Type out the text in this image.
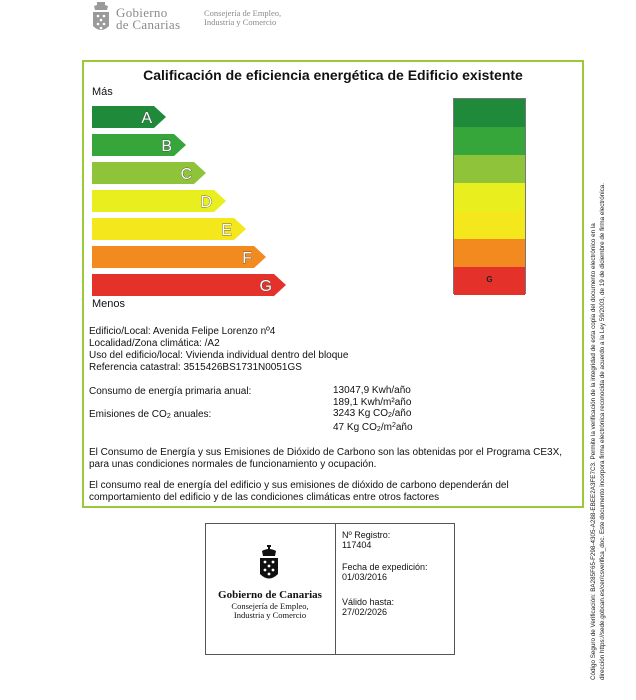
Gobierno
de Canarias
Consejería de Empleo,
Industria y Comercio
Calificación de eficiencia energética de Edificio existente
Más
Menos
A
B
C
D
E
F
G	G
Edificio/Local: Avenida Felipe Lorenzo nº4
Localidad/Zona climática: /A2
Uso del edificio/local: Vivienda individual dentro del bloque
Referencia catastral: 3515426BS1731N0051GS
Consumo de energía primaria anual:	13047,9 Kwh/año
189,1 Kwh/m²año
Emisiones de $CO_2$ anuales:	3243 Kg $CO_2$/año
47 Kg $CO_2/m^2año$
El Consumo de Energía y sus Emisiones de Dióxido de Carbono son las obtenidas por el Programa CE3X,
para unas condiciones normales de funcionamiento y ocupación.
El consumo real de energía del edificio y sus emisiones de dióxido de carbono dependerán del
comportamiento del edificio y de las condiciones climáticas entre otros factores
Gobierno de Canarias
Consejería de Empleo,
Industria y Comercio
Nº Registro:
117404
Fecha de expedición:
01/03/2016
Válido hasta:
27/02/2026	Código Seguro de Verificación: BA285F65-F298-4305-A288-EBEE2A3FE7C3. Permite la verificación de la integridad de esta copia del documento electrónico en la dirección https://sede.gobcan.es/cer/csverifica_doc. Este documento incorpora firma electrónica reconocida de acuerdo a la Ley 59/2003, de 19 de diciembre de firma electrónica.
